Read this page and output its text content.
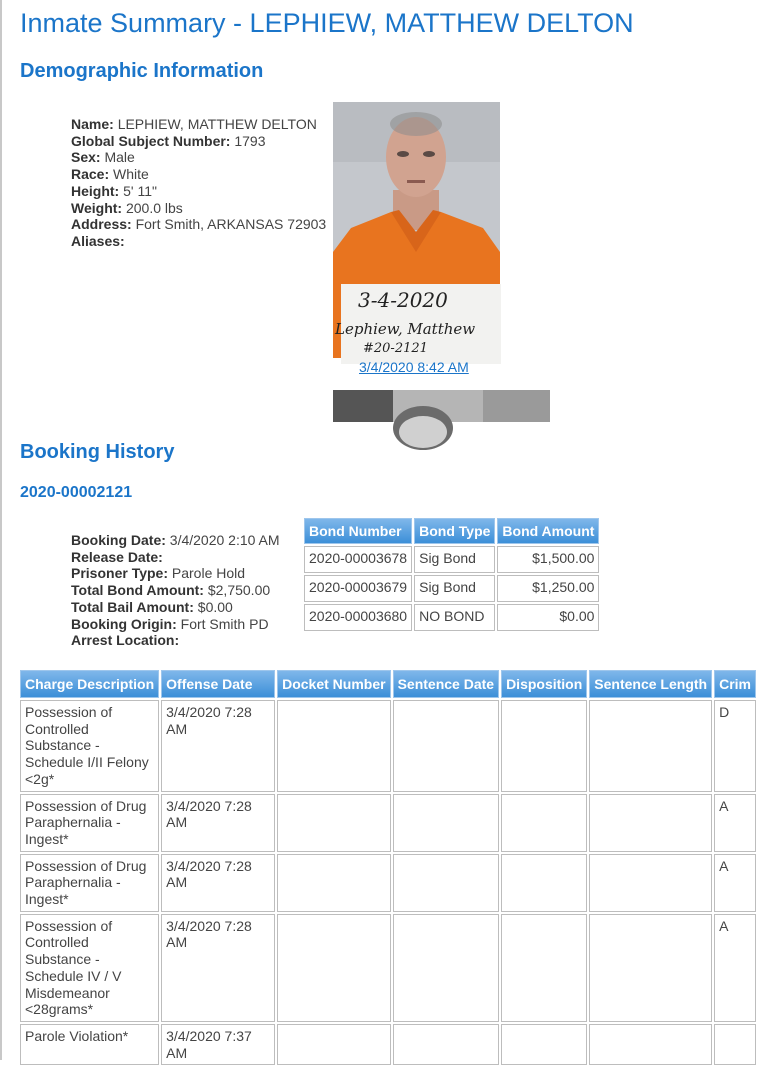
Inmate Summary - LEPHIEW, MATTHEW DELTON
Demographic Information
Name: LEPHIEW, MATTHEW DELTON
Global Subject Number: 1793
Sex: Male
Race: White
Height: 5' 11"
Weight: 200.0 lbs
Address: Fort Smith, ARKANSAS 72903
Aliases:
3-4-2020
Lephiew, Matthew
#20-2121
3/4/2020 8:42 AM
Booking History
2020-00002121
Booking Date: 3/4/2020 2:10 AM
Release Date:
Prisoner Type: Parole Hold
Total Bond Amount: $2,750.00
Total Bail Amount: $0.00
Booking Origin: Fort Smith PD
Arrest Location:
Bond Number	Bond Type	Bond Amount
2020-00003678	Sig Bond	$1,500.00
2020-00003679	Sig Bond	$1,250.00
2020-00003680	NO BOND	$0.00
Charge Description	Offense Date	Docket Number	Sentence Date	Disposition	Sentence Length	Crim
Possession of Controlled Substance - Schedule I/II Felony <2g*	3/4/2020 7:28 AM					D
Possession of Drug Paraphernalia - Ingest*	3/4/2020 7:28 AM					A
Possession of Drug Paraphernalia - Ingest*	3/4/2020 7:28 AM					A
Possession of Controlled Substance - Schedule IV / V Misdemeanor <28grams*	3/4/2020 7:28 AM					A
Parole Violation*	3/4/2020 7:37 AM					
